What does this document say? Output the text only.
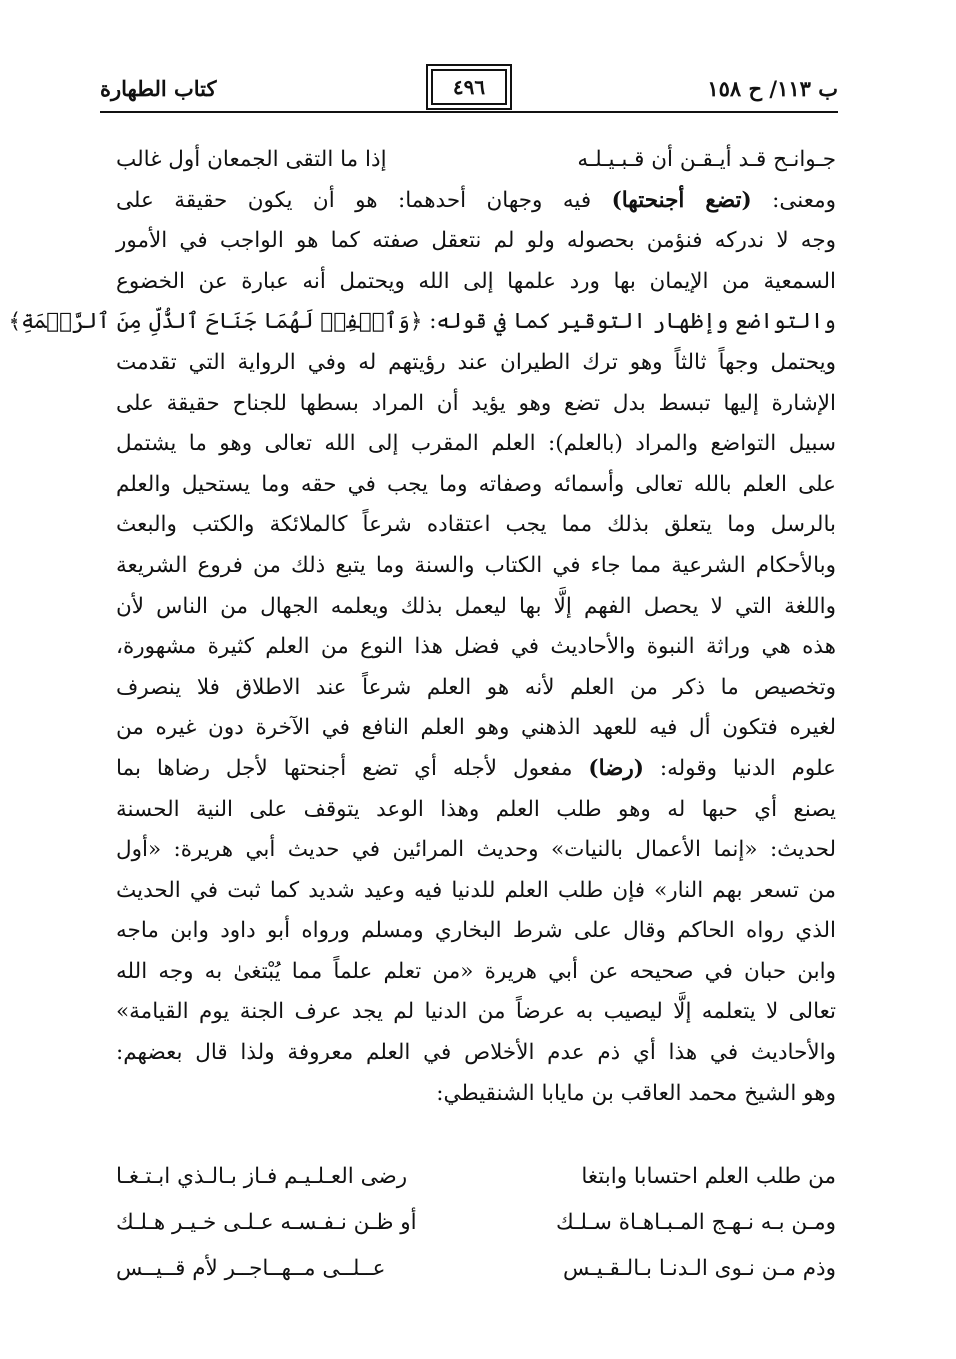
ب ١١٣/ ح ١٥٨
٤٩٦
كتاب الطهارة
جـوانـح قـد أيـقـن أن قـبـيـلـه
إذا ما التقى الجمعان أول غالب
ومعنى: (تضع أجنحتها) فيه وجهان أحدهما: هو أن يكون حقيقة على
وجه لا ندركه فنؤمن بحصوله ولو لم نتعقل صفته كما هو الواجب في الأمور
السمعية من الإيمان بها ورد علمها إلى الله ويحتمل أنه عبارة عن الخضوع
والتواضع وإظهار التوقير كما في قوله: ﴿وَٱخۡفِضۡ لَهُمَا جَنَاحَ ٱلذُّلِّ مِنَ ٱلرَّحۡمَةِ﴾
ويحتمل وجهاً ثالثاً وهو ترك الطيران عند رؤيتهم له وفي الرواية التي تقدمت
الإشارة إليها تبسط بدل تضع وهو يؤيد أن المراد بسطها للجناح حقيقة على
سبيل التواضع والمراد (بالعلم): العلم المقرب إلى الله تعالى وهو ما يشتمل
على العلم بالله تعالى وأسمائه وصفاته وما يجب في حقه وما يستحيل والعلم
بالرسل وما يتعلق بذلك مما يجب اعتقاده شرعاً كالملائكة والكتب والبعث
وبالأحكام الشرعية مما جاء في الكتاب والسنة وما يتبع ذلك من فروع الشريعة
واللغة التي لا يحصل الفهم إلَّا بها ليعمل بذلك ويعلمه الجهال من الناس لأن
هذه هي وراثة النبوة والأحاديث في فضل هذا النوع من العلم كثيرة مشهورة،
وتخصيص ما ذكر من العلم لأنه هو العلم شرعاً عند الاطلاق فلا ينصرف
لغيره فتكون أل فيه للعهد الذهني وهو العلم النافع في الآخرة دون غيره من
علوم الدنيا وقوله: (رضا) مفعول لأجله أي تضع أجنحتها لأجل رضاها بما
يصنع أي حبها له وهو طلب العلم وهذا الوعد يتوقف على النية الحسنة
لحديث: «إنما الأعمال بالنيات» وحديث المرائين في حديث أبي هريرة: «أول
من تسعر بهم النار» فإن طلب العلم للدنيا فيه وعيد شديد كما ثبت في الحديث
الذي رواه الحاكم وقال على شرط البخاري ومسلم ورواه أبو داود وابن ماجه
وابن حبان في صحيحه عن أبي هريرة «من تعلم علماً مما يُبْتغىٰ به وجه الله
تعالى لا يتعلمه إلَّا ليصيب به عرضاً من الدنيا لم يجد عرف الجنة يوم القيامة»
والأحاديث في هذا أي ذم عدم الأخلاص في العلم معروفة ولذا قال بعضهم:
وهو الشيخ محمد العاقب بن مايابا الشنقيطي:
من طلب العلم احتسابا وابتغا
رضى العـلـيـم فـاز بـالـذي ابـتـغـا
ومـن بـه نـهـج المـبـاهـاة سـلـك
أو ظـن نـفـسـه عـلـى خـيـر هـلـك
وذم مـن نـوى الـدنـا بـالـقـيـس
عــلــى مــهــاجــر لأم قــيــس
